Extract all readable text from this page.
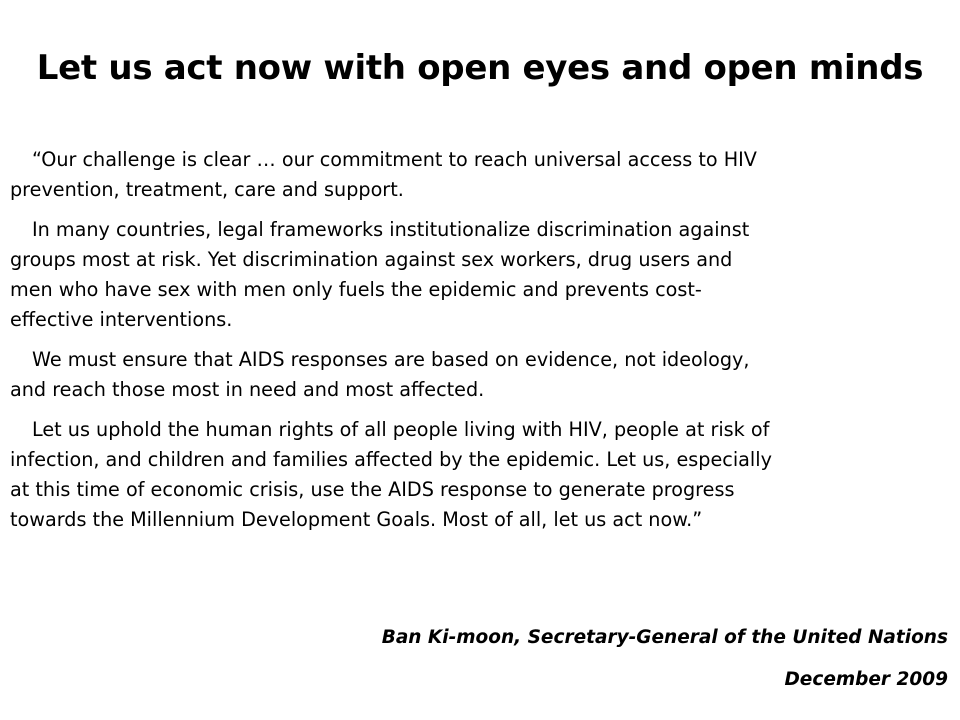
Let us act now with open eyes and open minds

“Our challenge is clear … our commitment to reach universal access to HIV
prevention, treatment, care and support.

In many countries, legal frameworks institutionalize discrimination against
groups most at risk. Yet discrimination against sex workers, drug users and
men who have sex with men only fuels the epidemic and prevents cost-
effective interventions.

We must ensure that AIDS responses are based on evidence, not ideology,
and reach those most in need and most affected.

Let us uphold the human rights of all people living with HIV, people at risk of
infection, and children and families affected by the epidemic. Let us, especially
at this time of economic crisis, use the AIDS response to generate progress
towards the Millennium Development Goals. Most of all, let us act now.”

Ban Ki-moon, Secretary-General of the United Nations

December 2009
